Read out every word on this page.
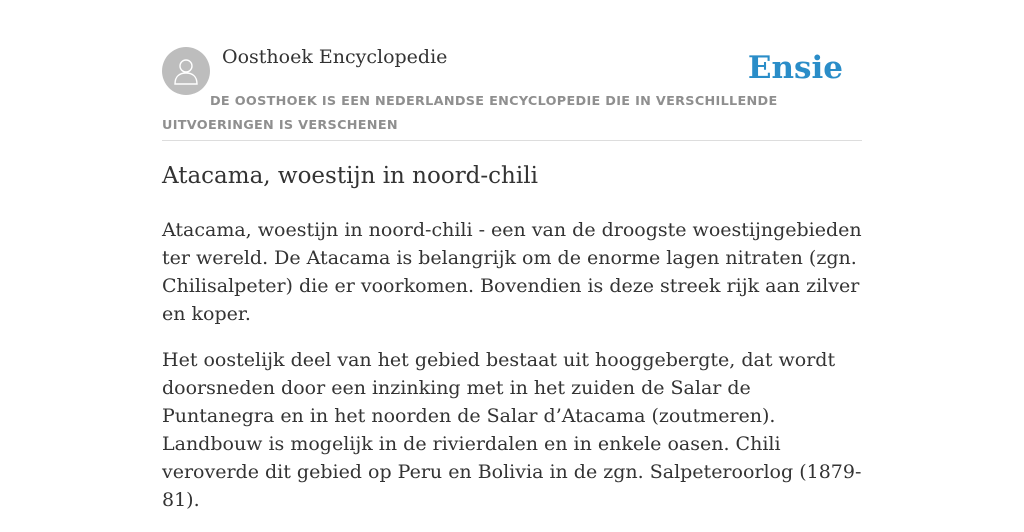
Oosthoek Encyclopedie	Ensie
DE OOSTHOEK IS EEN NEDERLANDSE ENCYCLOPEDIE DIE IN VERSCHILLENDE UITVOERINGEN IS VERSCHENEN
Atacama, woestijn in noord-chili

Atacama, woestijn in noord-chili - een van de droogste woestijngebieden ter wereld. De Atacama is belangrijk om de enorme lagen nitraten (zgn. Chilisalpeter) die er voorkomen. Bovendien is deze streek rijk aan zilver en koper.

Het oostelijk deel van het gebied bestaat uit hooggebergte, dat wordt doorsneden door een inzinking met in het zuiden de Salar de Puntanegra en in het noorden de Salar d’Atacama (zoutmeren). Landbouw is mogelijk in de rivierdalen en in enkele oasen. Chili veroverde dit gebied op Peru en Bolivia in de zgn. Salpeteroorlog (1879-81).
